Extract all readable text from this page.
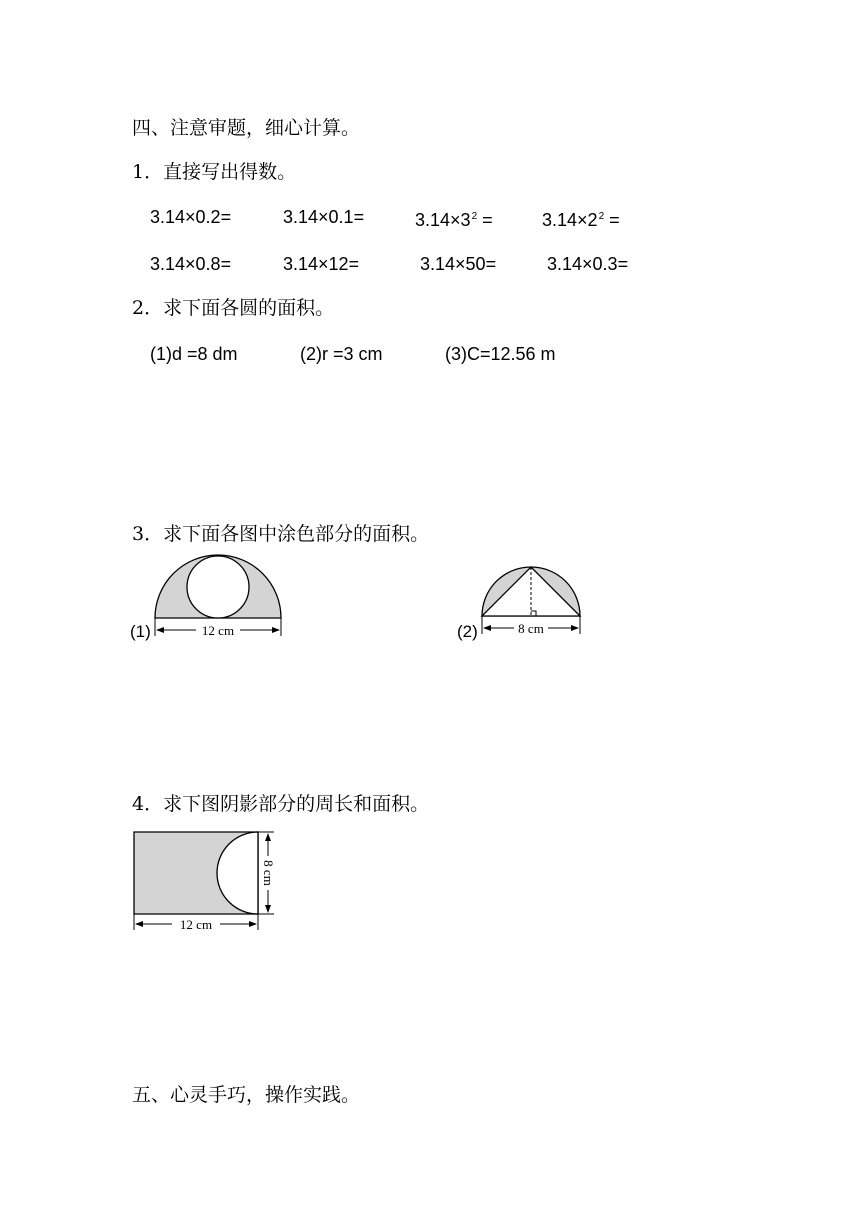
四、注意审题，细心计算。
1．直接写出得数。
3.14×0.2=	3.14×0.1=	$3.14\times 3^2$ =	$3.14\times 2^2$ =
3.14×0.8=	3.14×12=	3.14×50=	3.14×0.3=
2．求下面各圆的面积。
(1)d =8 dm	(2)r =3 cm	(3)C=12.56 m
3．求下面各图中涂色部分的面积。
12 cm	8 cm
8 cm
12 cm
(1)	(2)
4．求下图阴影部分的周长和面积。
五、心灵手巧，操作实践。
